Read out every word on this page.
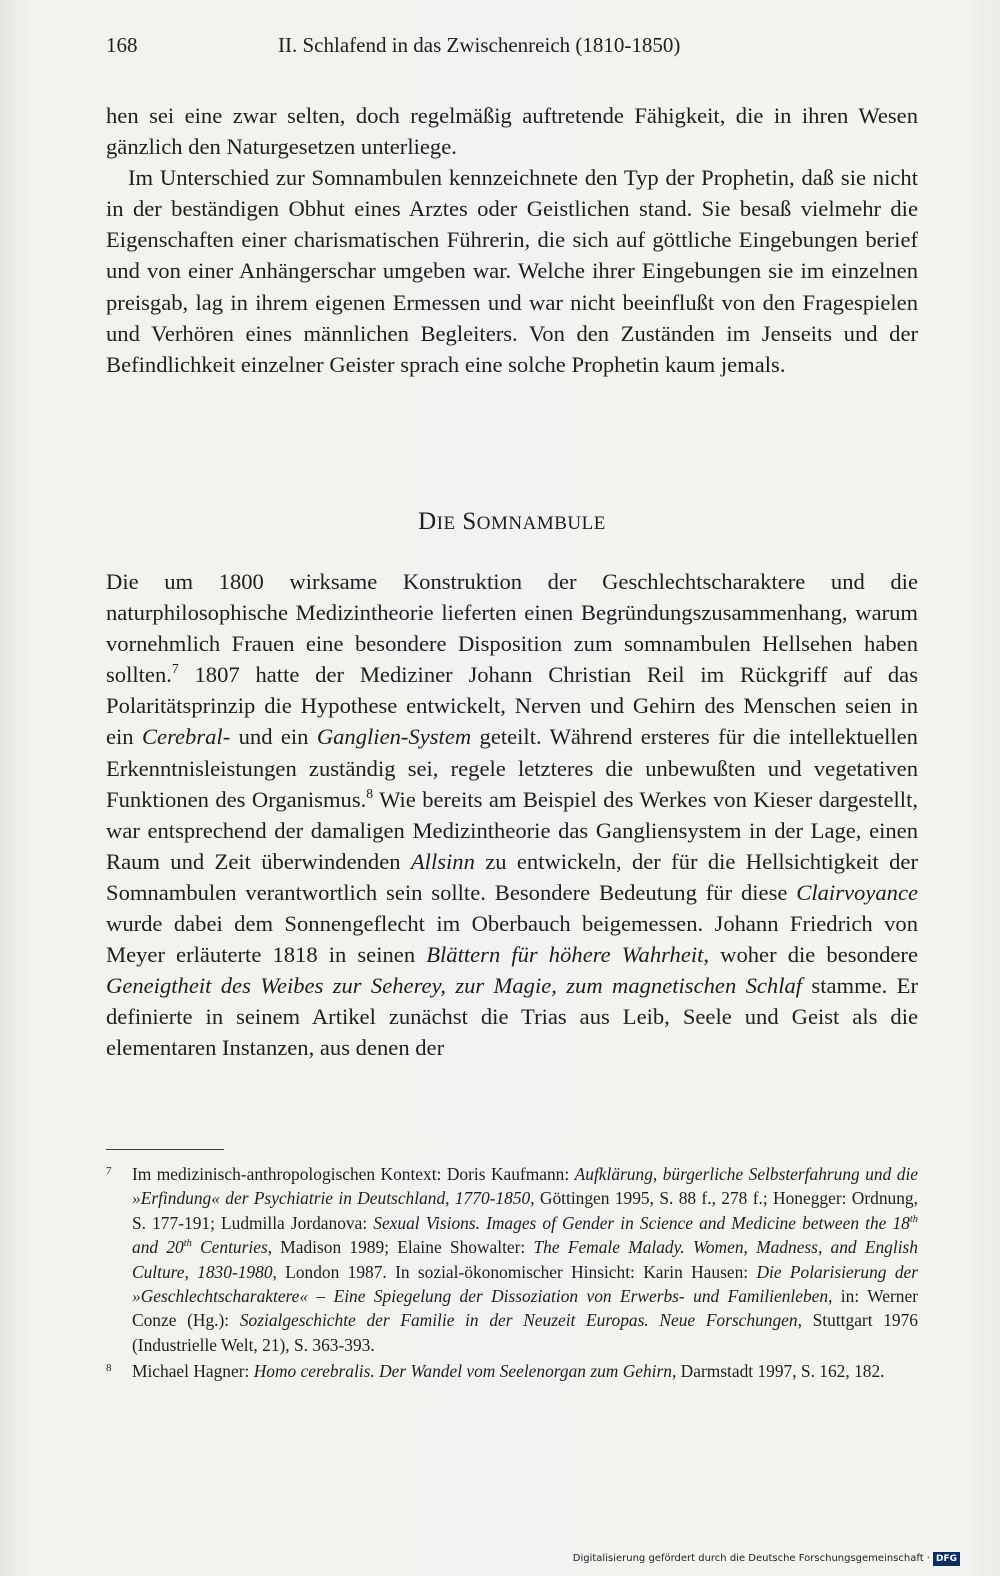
168	II. Schlafend in das Zwischenreich (1810-1850)

hen sei eine zwar selten, doch regelmäßig auftretende Fähigkeit, die in ihren Wesen gänzlich den Naturgesetzen unterliege.

Im Unterschied zur Somnambulen kennzeichnete den Typ der Prophetin, daß sie nicht in der beständigen Obhut eines Arztes oder Geistlichen stand. Sie besaß vielmehr die Eigenschaften einer charismatischen Führerin, die sich auf göttliche Eingebungen berief und von einer Anhängerschar umgeben war. Welche ihrer Eingebungen sie im einzelnen preisgab, lag in ihrem eigenen Ermessen und war nicht beeinflußt von den Fragespielen und Verhören eines männlichen Begleiters. Von den Zuständen im Jenseits und der Befindlichkeit einzelner Geister sprach eine solche Prophetin kaum jemals.

DIE SOMNAMBULE

Die um 1800 wirksame Konstruktion der Geschlechtscharaktere und die naturphilosophische Medizintheorie lieferten einen Begründungszusammenhang, warum vornehmlich Frauen eine besondere Disposition zum somnambulen Hellsehen haben sollten.$^7$ 1807 hatte der Mediziner Johann Christian Reil im Rückgriff auf das Polaritätsprinzip die Hypothese entwickelt, Nerven und Gehirn des Menschen seien in ein Cerebral- und ein Ganglien-System geteilt. Während ersteres für die intellektuellen Erkenntnisleistungen zuständig sei, regele letzteres die unbewußten und vegetativen Funktionen des Organismus.$^8$ Wie bereits am Beispiel des Werkes von Kieser dargestellt, war entsprechend der damaligen Medizintheorie das Gangliensystem in der Lage, einen Raum und Zeit überwindenden Allsinn zu entwickeln, der für die Hellsichtigkeit der Somnambulen verantwortlich sein sollte. Besondere Bedeutung für diese Clairvoyance wurde dabei dem Sonnengeflecht im Oberbauch beigemessen. Johann Friedrich von Meyer erläuterte 1818 in seinen Blättern für höhere Wahrheit, woher die besondere Geneigtheit des Weibes zur Seherey, zur Magie, zum magnetischen Schlaf stamme. Er definierte in seinem Artikel zunächst die Trias aus Leib, Seele und Geist als die elementaren Instanzen, aus denen der

7 Im medizinisch-anthropologischen Kontext: Doris Kaufmann: Aufklärung, bürgerliche Selbsterfahrung und die »Erfindung« der Psychiatrie in Deutschland, 1770-1850, Göttingen 1995, S. 88 f., 278 f.; Honegger: Ordnung, S. 177-191; Ludmilla Jordanova: Sexual Visions. Images of Gender in Science and Medicine between the 18th and 20th Centuries, Madison 1989; Elaine Showalter: The Female Malady. Women, Madness, and English Culture, 1830-1980, London 1987. In sozial-ökonomischer Hinsicht: Karin Hausen: Die Polarisierung der »Geschlechtscharaktere« – Eine Spiegelung der Dissoziation von Erwerbs- und Familienleben, in: Werner Conze (Hg.): Sozialgeschichte der Familie in der Neuzeit Europas. Neue Forschungen, Stuttgart 1976 (Industrielle Welt, 21), S. 363-393.
8 Michael Hagner: Homo cerebralis. Der Wandel vom Seelenorgan zum Gehirn, Darmstadt 1997, S. 162, 182.
Digitalisierung gefördert durch die Deutsche Forschungsgemeinschaft · DFG
